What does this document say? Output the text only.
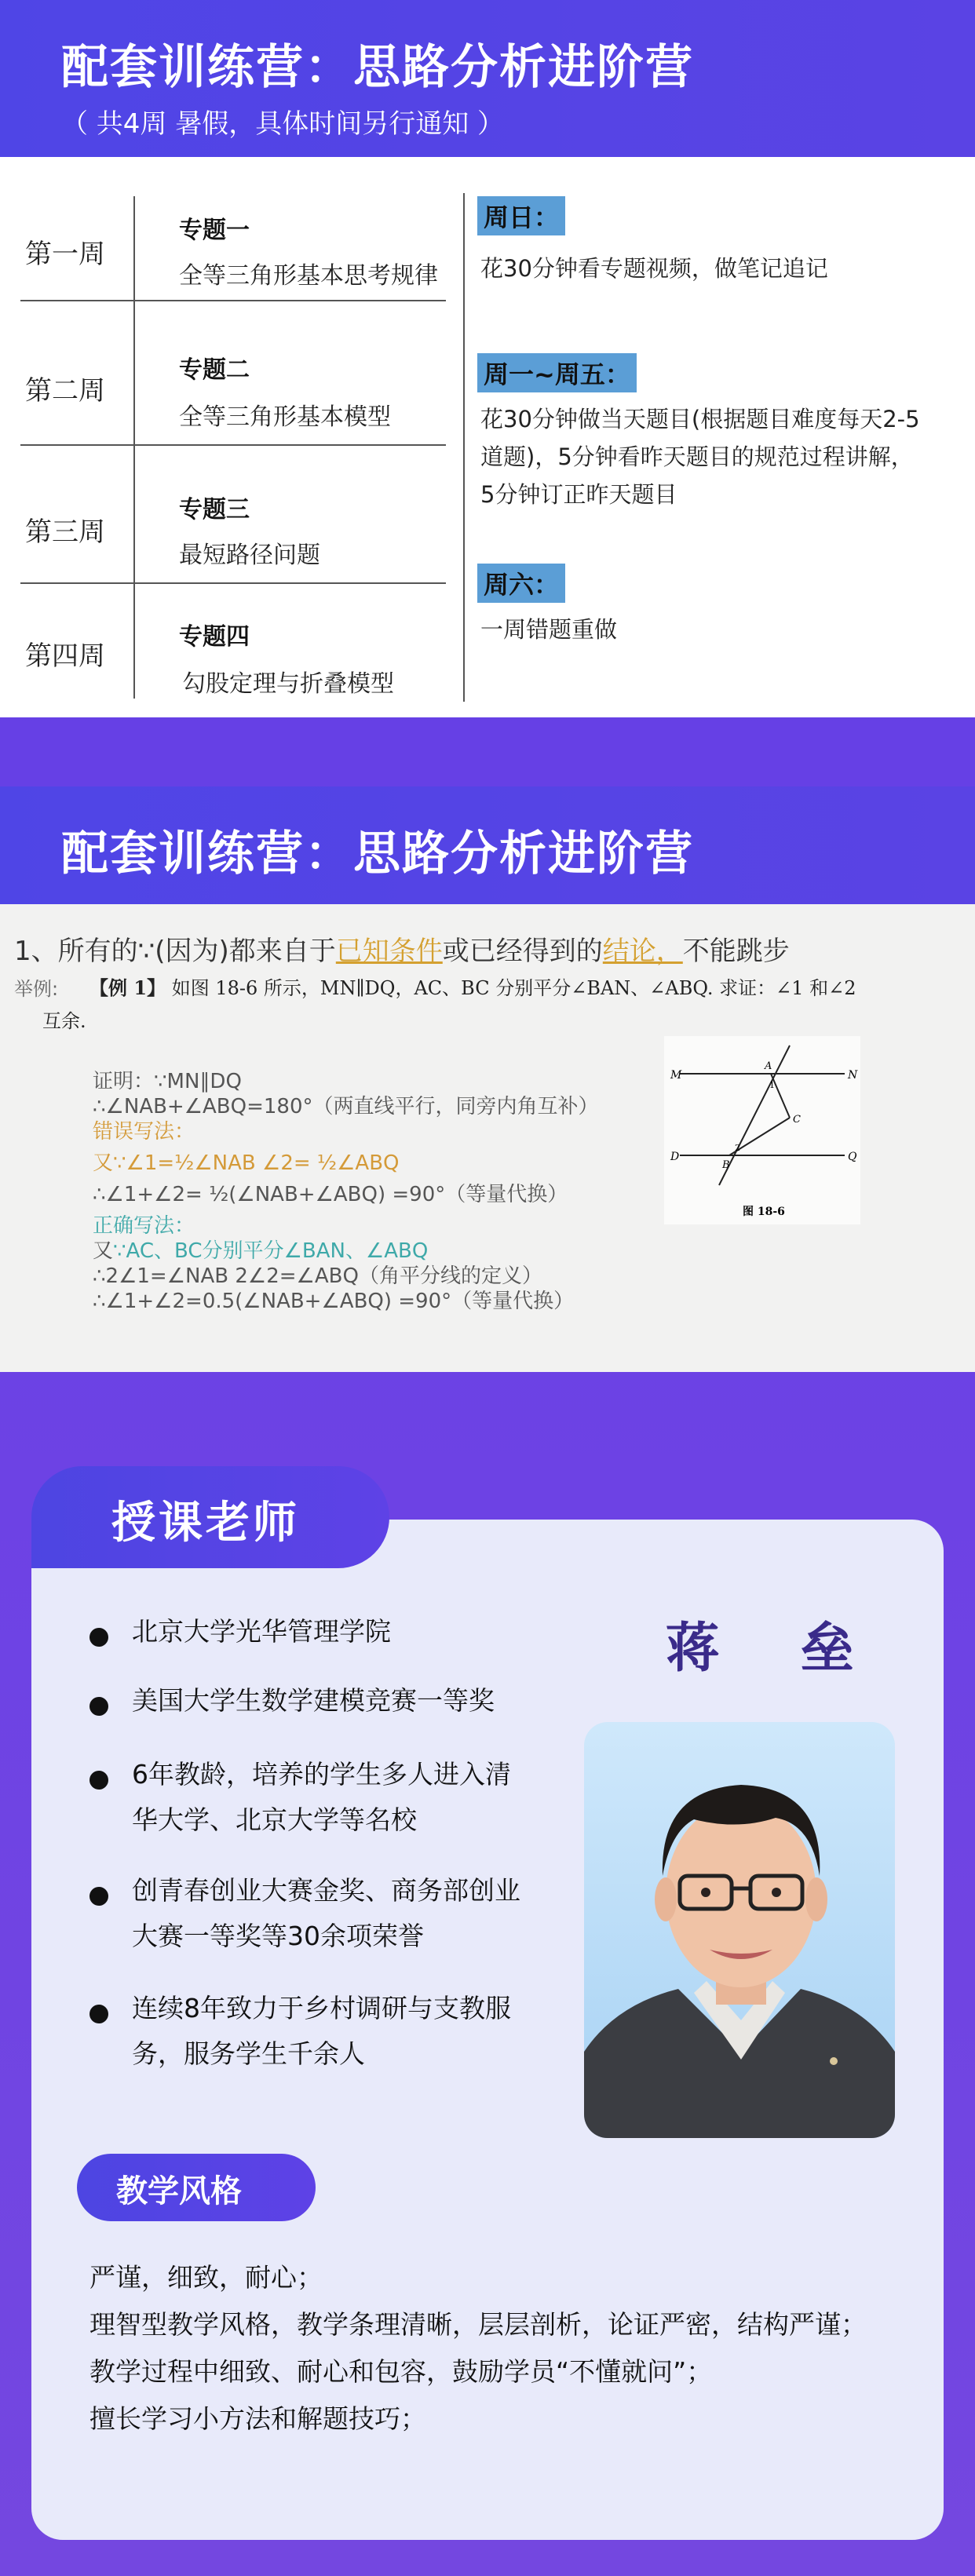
配套训练营：思路分析进阶营
（ 共4周 暑假，具体时间另行通知 ）
第一周
专题一
全等三角形基本思考规律
第二周
专题二
全等三角形基本模型
第三周
专题三
最短路径问题
第四周
专题四
勾股定理与折叠模型
周日：
花30分钟看专题视频，做笔记追记
周一~周五：
花30分钟做当天题目(根据题目难度每天2-5
道题)，5分钟看昨天题目的规范过程讲解，
5分钟订正昨天题目
周六：
一周错题重做
配套训练营：思路分析进阶营
1、所有的∵(因为)都来自于已知条件或已经得到的结论，不能跳步
举例: 【例 1】 如图 18-6 所示，MN∥DQ，AC、BC 分别平分∠BAN、∠ABQ. 求证：∠1 和∠2
互余.
M	N
D	Q
A
C
B
1
2
图 18-6
证明：∵MN∥DQ
∴∠NAB+∠ABQ=180°（两直线平行，同旁内角互补）
错误写法：
又∵∠1=½∠NAB ∠2= ½∠ABQ
∴∠1+∠2= ½(∠NAB+∠ABQ) =90°（等量代换）
正确写法：
又∵AC、BC分别平分∠BAN、∠ABQ
∴2∠1=∠NAB 2∠2=∠ABQ（角平分线的定义）
∴∠1+∠2=0.5(∠NAB+∠ABQ) =90°（等量代换）
授课老师
北京大学光华管理学院
美国大学生数学建模竞赛一等奖
6年教龄，培养的学生多人进入清
华大学、北京大学等名校
创青春创业大赛金奖、商务部创业
大赛一等奖等30余项荣誉
连续8年致力于乡村调研与支教服
务，服务学生千余人
蒋 垒
教学风格
严谨，细致，耐心；
理智型教学风格，教学条理清晰，层层剖析，论证严密，结构严谨；
教学过程中细致、耐心和包容，鼓励学员“不懂就问”；
擅长学习小方法和解题技巧；
